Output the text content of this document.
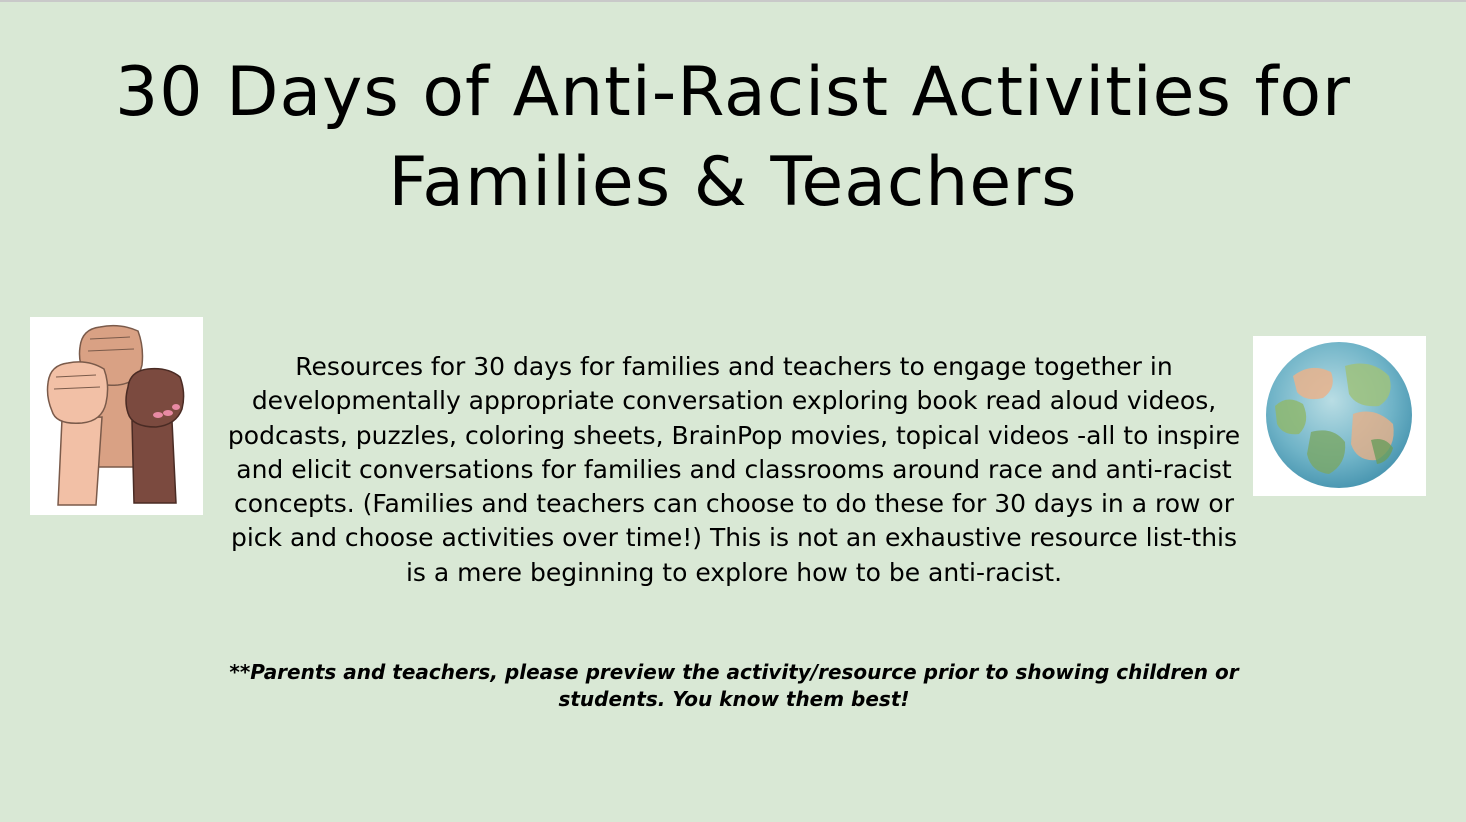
30 Days of Anti-Racist Activities for
Families & Teachers

Resources for 30 days for families and teachers to engage together in developmentally appropriate conversation exploring book read aloud videos, podcasts, puzzles, coloring sheets, BrainPop movies, topical videos -all to inspire and elicit conversations for families and classrooms around race and anti-racist concepts. (Families and teachers can choose to do these for 30 days in a row or pick and choose activities over time!) This is not an exhaustive resource list-this is a mere beginning to explore how to be anti-racist.

**Parents and teachers, please preview the activity/resource prior to showing children or students. You know them best!
